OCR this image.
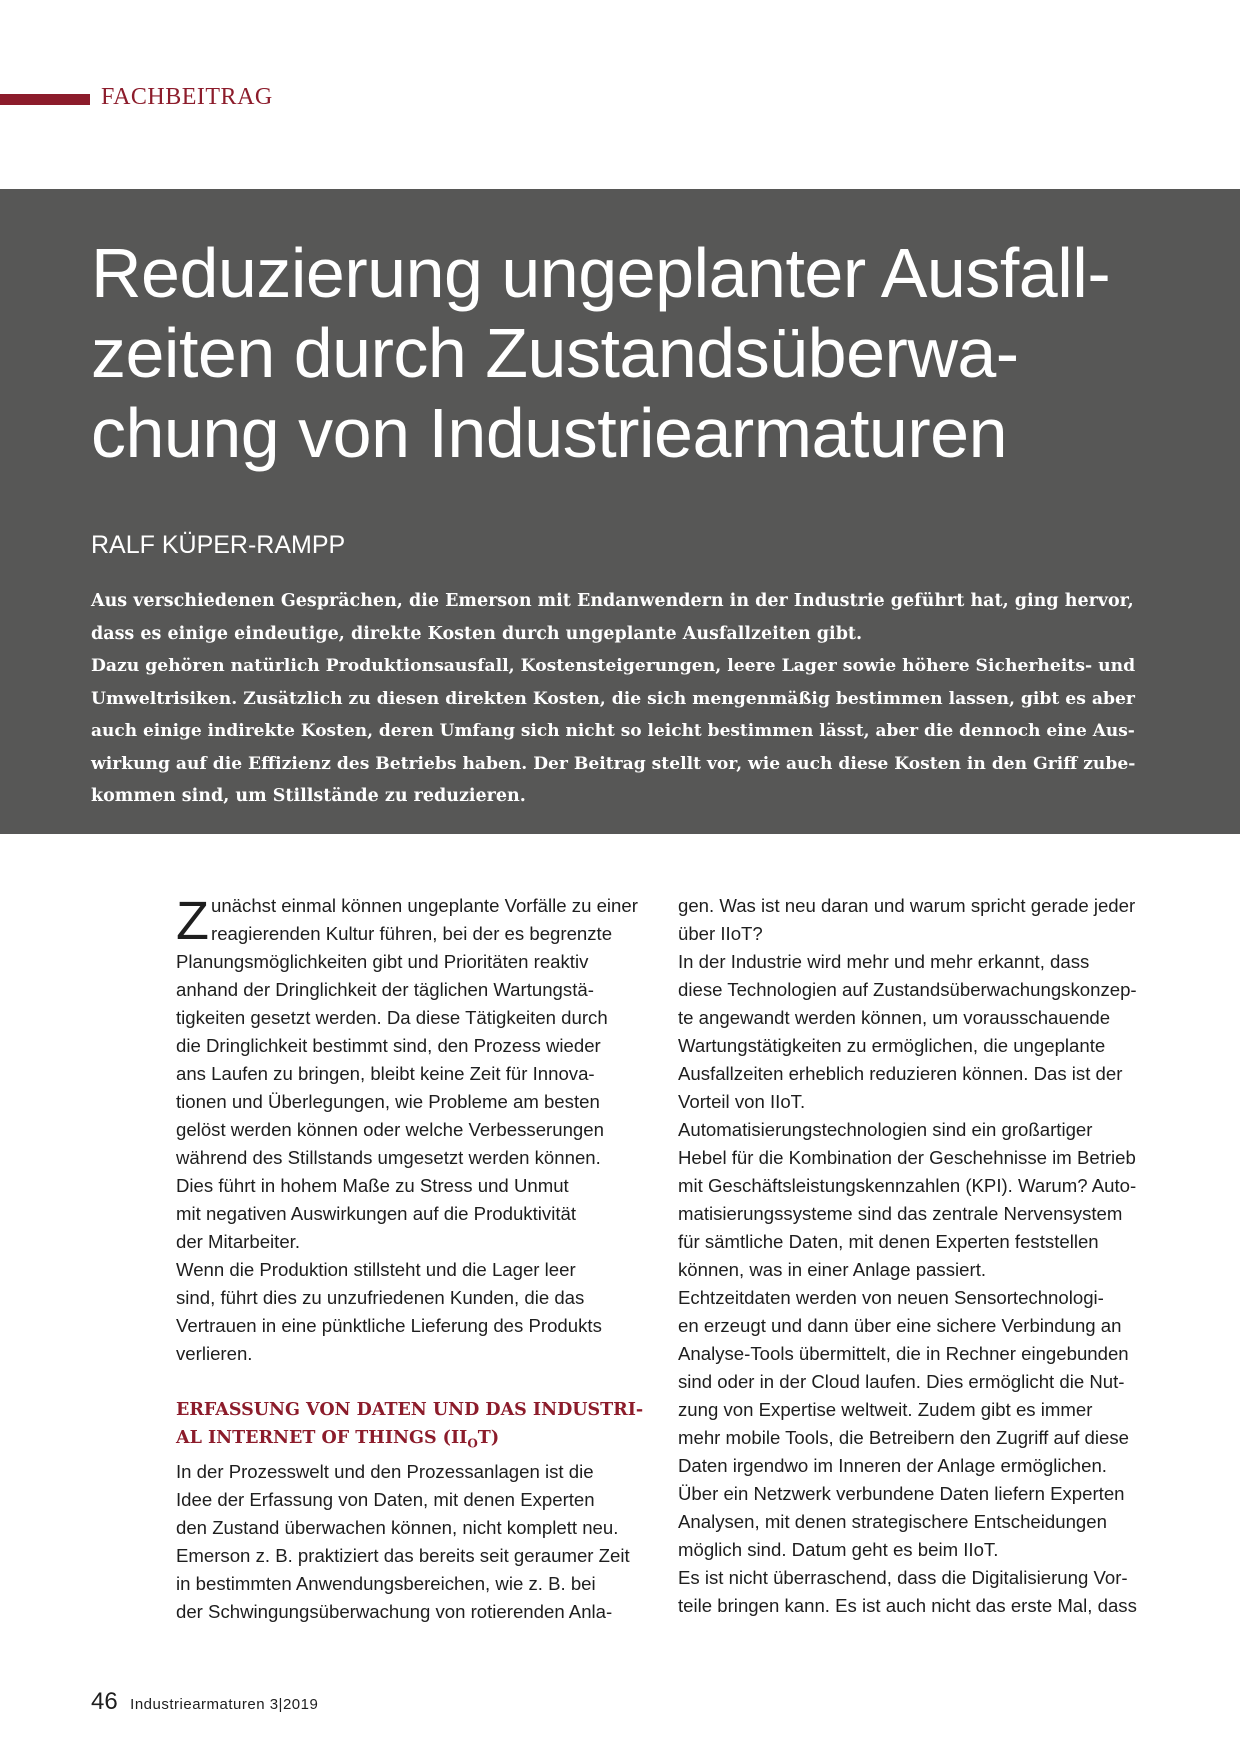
FACHBEITRAG
Reduzierung ungeplanter Ausfall-
zeiten durch Zustandsüberwa-
chung von Industriearmaturen
RALF KÜPER-RAMPP
Aus verschiedenen Gesprächen, die Emerson mit Endanwendern in der Industrie geführt hat, ging hervor,
dass es einige eindeutige, direkte Kosten durch ungeplante Ausfallzeiten gibt.
Dazu gehören natürlich Produktionsausfall, Kostensteigerungen, leere Lager sowie höhere Sicherheits- und
Umweltrisiken. Zusätzlich zu diesen direkten Kosten, die sich mengenmäßig bestimmen lassen, gibt es aber
auch einige indirekte Kosten, deren Umfang sich nicht so leicht bestimmen lässt, aber die dennoch eine Aus-
wirkung auf die Effizienz des Betriebs haben. Der Beitrag stellt vor, wie auch diese Kosten in den Griff zube-
kommen sind, um Stillstände zu reduzieren.
Z unächst einmal können ungeplante Vorfälle zu einer
reagierenden Kultur führen, bei der es begrenzte
Planungsmöglichkeiten gibt und Prioritäten reaktiv
anhand der Dringlichkeit der täglichen Wartungstä-
tigkeiten gesetzt werden. Da diese Tätigkeiten durch
die Dringlichkeit bestimmt sind, den Prozess wieder
ans Laufen zu bringen, bleibt keine Zeit für Innova-
tionen und Überlegungen, wie Probleme am besten
gelöst werden können oder welche Verbesserungen
während des Stillstands umgesetzt werden können.
Dies führt in hohem Maße zu Stress und Unmut
mit negativen Auswirkungen auf die Produktivität
der Mitarbeiter.
Wenn die Produktion stillsteht und die Lager leer
sind, führt dies zu unzufriedenen Kunden, die das
Vertrauen in eine pünktliche Lieferung des Produkts
verlieren.
ERFASSUNG VON DATEN UND DAS INDUSTRI-
AL INTERNET OF THINGS $(II_OT)$
In der Prozesswelt und den Prozessanlagen ist die
Idee der Erfassung von Daten, mit denen Experten
den Zustand überwachen können, nicht komplett neu.
Emerson z. B. praktiziert das bereits seit geraumer Zeit
in bestimmten Anwendungsbereichen, wie z. B. bei
der Schwingungsüberwachung von rotierenden Anla-
gen. Was ist neu daran und warum spricht gerade jeder
über IIoT?
In der Industrie wird mehr und mehr erkannt, dass
diese Technologien auf Zustandsüberwachungskonzep-
te angewandt werden können, um vorausschauende
Wartungstätigkeiten zu ermöglichen, die ungeplante
Ausfallzeiten erheblich reduzieren können. Das ist der
Vorteil von IIoT.
Automatisierungstechnologien sind ein großartiger
Hebel für die Kombination der Geschehnisse im Betrieb
mit Geschäftsleistungskennzahlen (KPI). Warum? Auto-
matisierungssysteme sind das zentrale Nervensystem
für sämtliche Daten, mit denen Experten feststellen
können, was in einer Anlage passiert.
Echtzeitdaten werden von neuen Sensortechnologi-
en erzeugt und dann über eine sichere Verbindung an
Analyse-Tools übermittelt, die in Rechner eingebunden
sind oder in der Cloud laufen. Dies ermöglicht die Nut-
zung von Expertise weltweit. Zudem gibt es immer
mehr mobile Tools, die Betreibern den Zugriff auf diese
Daten irgendwo im Inneren der Anlage ermöglichen.
Über ein Netzwerk verbundene Daten liefern Experten
Analysen, mit denen strategischere Entscheidungen
möglich sind. Datum geht es beim IIoT.
Es ist nicht überraschend, dass die Digitalisierung Vor-
teile bringen kann. Es ist auch nicht das erste Mal, dass
46 Industriearmaturen 3|2019
